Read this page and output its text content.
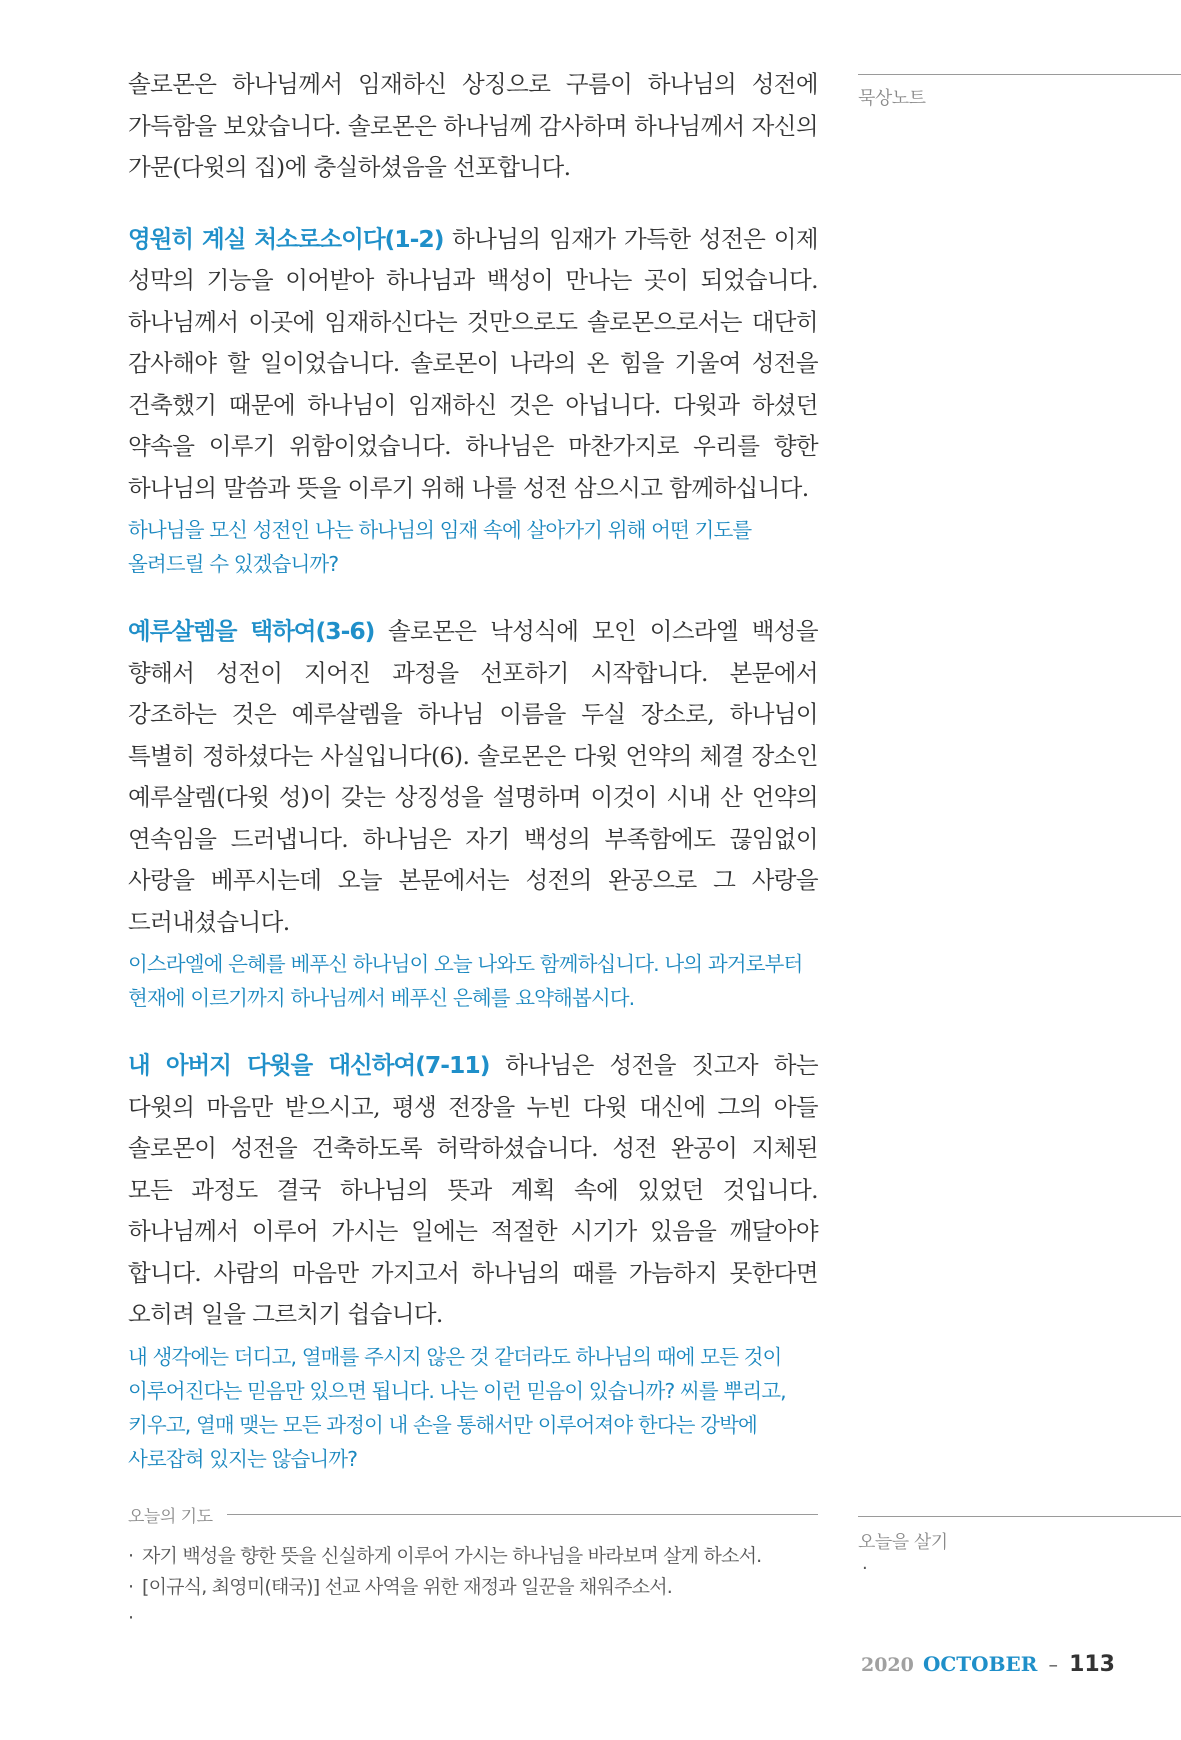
묵상노트
오늘을 살기
·

솔로몬은 하나님께서 임재하신 상징으로 구름이 하나님의 성전에 가득함을 보았습니다. 솔로몬은 하나님께 감사하며 하나님께서 자신의 가문(다윗의 집)에 충실하셨음을 선포합니다.

영원히 계실 처소로소이다(1-2) 하나님의 임재가 가득한 성전은 이제 성막의 기능을 이어받아 하나님과 백성이 만나는 곳이 되었습니다. 하나님께서 이곳에 임재하신다는 것만으로도 솔로몬으로서는 대단히 감사해야 할 일이었습니다. 솔로몬이 나라의 온 힘을 기울여 성전을 건축했기 때문에 하나님이 임재하신 것은 아닙니다. 다윗과 하셨던 약속을 이루기 위함이었습니다. 하나님은 마찬가지로 우리를 향한 하나님의 말씀과 뜻을 이루기 위해 나를 성전 삼으시고 함께하십니다.

하나님을 모신 성전인 나는 하나님의 임재 속에 살아가기 위해 어떤 기도를 올려드릴 수 있겠습니까?

예루살렘을 택하여(3-6) 솔로몬은 낙성식에 모인 이스라엘 백성을 향해서 성전이 지어진 과정을 선포하기 시작합니다. 본문에서 강조하는 것은 예루살렘을 하나님 이름을 두실 장소로, 하나님이 특별히 정하셨다는 사실입니다(6). 솔로몬은 다윗 언약의 체결 장소인 예루살렘(다윗 성)이 갖는 상징성을 설명하며 이것이 시내 산 언약의 연속임을 드러냅니다. 하나님은 자기 백성의 부족함에도 끊임없이 사랑을 베푸시는데 오늘 본문에서는 성전의 완공으로 그 사랑을 드러내셨습니다.

이스라엘에 은혜를 베푸신 하나님이 오늘 나와도 함께하십니다. 나의 과거로부터 현재에 이르기까지 하나님께서 베푸신 은혜를 요약해봅시다.

내 아버지 다윗을 대신하여(7-11) 하나님은 성전을 짓고자 하는 다윗의 마음만 받으시고, 평생 전장을 누빈 다윗 대신에 그의 아들 솔로몬이 성전을 건축하도록 허락하셨습니다. 성전 완공이 지체된 모든 과정도 결국 하나님의 뜻과 계획 속에 있었던 것입니다. 하나님께서 이루어 가시는 일에는 적절한 시기가 있음을 깨달아야 합니다. 사람의 마음만 가지고서 하나님의 때를 가늠하지 못한다면 오히려 일을 그르치기 쉽습니다.

내 생각에는 더디고, 열매를 주시지 않은 것 같더라도 하나님의 때에 모든 것이 이루어진다는 믿음만 있으면 됩니다. 나는 이런 믿음이 있습니까? 씨를 뿌리고, 키우고, 열매 맺는 모든 과정이 내 손을 통해서만 이루어져야 한다는 강박에 사로잡혀 있지는 않습니까?

오늘의 기도
· 자기 백성을 향한 뜻을 신실하게 이루어 가시는 하나님을 바라보며 살게 하소서.
· [이규식, 최영미(태국)] 선교 사역을 위한 재정과 일꾼을 채워주소서.
·
2020 OCTOBER – 113
